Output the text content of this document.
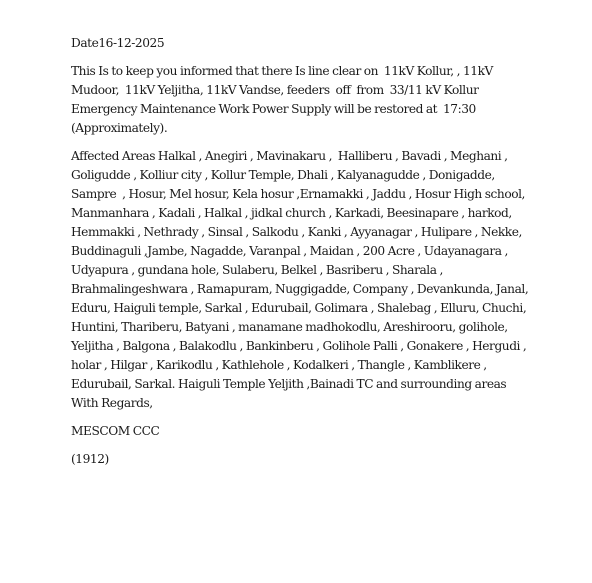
Date16-12-2025

This Is to keep you informed that there Is line clear on  11kV Kollur, , 11kV Mudoor,  11kV Yeljitha, 11kV Vandse, feeders  off  from  33/11 kV Kollur Emergency Maintenance Work Power Supply will be restored at  17:30 (Approximately).

Affected Areas Halkal , Anegiri , Mavinakaru ,  Halliberu , Bavadi , Meghani , Goligudde , Kolliur city , Kollur Temple, Dhali , Kalyanagudde , Donigadde, Sampre  , Hosur, Mel hosur, Kela hosur ,Ernamakki , Jaddu , Hosur High school, Manmanhara , Kadali , Halkal , jidkal church , Karkadi, Beesinapare , harkod, Hemmakki , Nethrady , Sinsal , Salkodu , Kanki , Ayyanagar , Hulipare , Nekke, Buddinaguli ,Jambe, Nagadde, Varanpal , Maidan , 200 Acre , Udayanagara , Udyapura , gundana hole, Sulaberu, Belkel , Basriberu , Sharala , Brahmalingeshwara , Ramapuram, Nuggigadde, Company , Devankunda, Janal, Eduru, Haiguli temple, Sarkal , Edurubail, Golimara , Shalebag , Elluru, Chuchi, Huntini, Thariberu, Batyani , manamane madhokodlu, Areshirooru, golihole, Yeljitha , Balgona , Balakodlu , Bankinberu , Golihole Palli , Gonakere , Hergudi , holar , Hilgar , Karikodlu , Kathlehole , Kodalkeri , Thangle , Kamblikere , Edurubail, Sarkal. Haiguli Temple Yeljith ,Bainadi TC and surrounding areas

With Regards,

MESCOM CCC

(1912)
